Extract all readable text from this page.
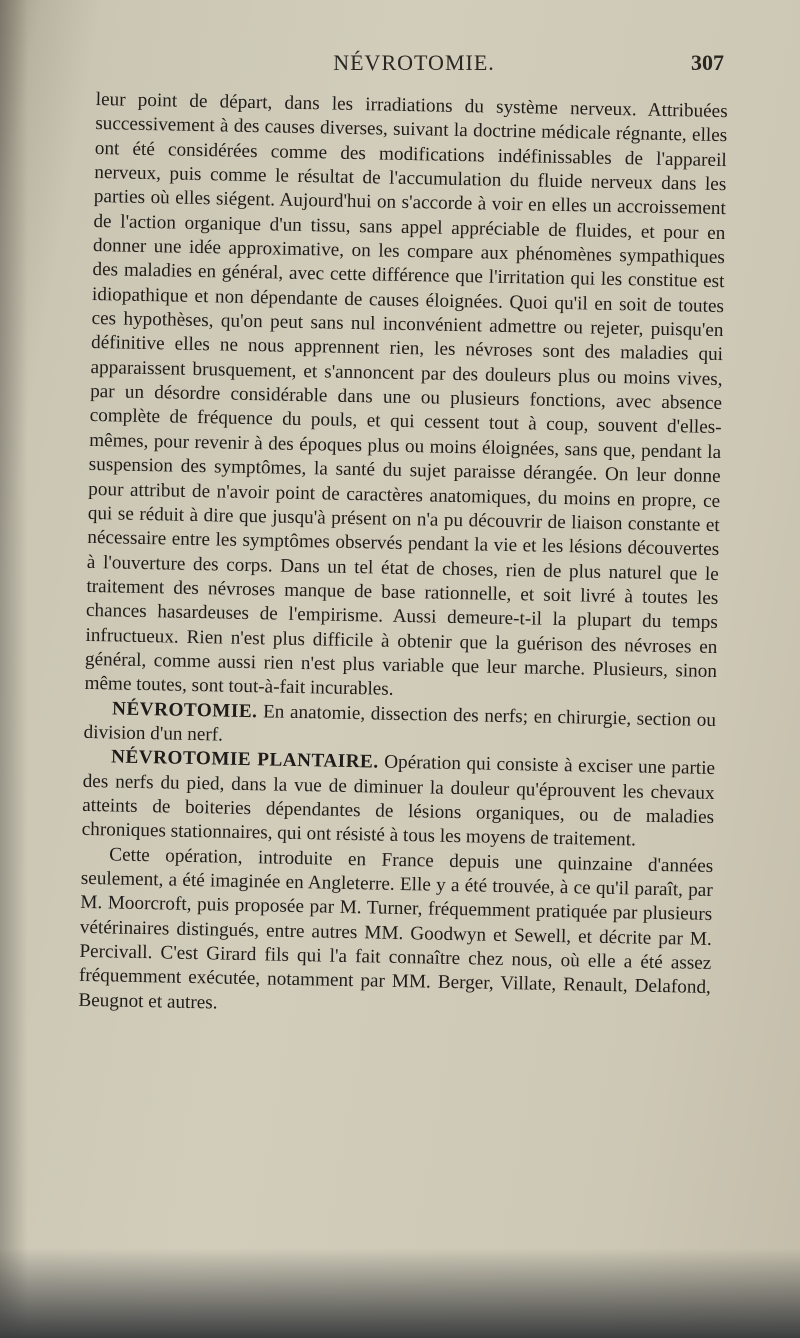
NÉVROTOMIE.	307

leur point de départ, dans les irradiations du système nerveux. Attribuées successivement à des causes diverses, suivant la doctrine médicale régnante, elles ont été considérées comme des modifications indéfinissables de l'appareil nerveux, puis comme le résultat de l'accumulation du fluide nerveux dans les parties où elles siégent. Aujourd'hui on s'accorde à voir en elles un accroissement de l'action organique d'un tissu, sans appel appréciable de fluides, et pour en donner une idée approximative, on les compare aux phénomènes sympathiques des maladies en général, avec cette différence que l'irritation qui les constitue est idiopathique et non dépendante de causes éloignées. Quoi qu'il en soit de toutes ces hypothèses, qu'on peut sans nul inconvénient admettre ou rejeter, puisqu'en définitive elles ne nous apprennent rien, les névroses sont des maladies qui apparaissent brusquement, et s'annoncent par des douleurs plus ou moins vives, par un désordre considérable dans une ou plusieurs fonctions, avec absence complète de fréquence du pouls, et qui cessent tout à coup, souvent d'elles-mêmes, pour revenir à des époques plus ou moins éloignées, sans que, pendant la suspension des symptômes, la santé du sujet paraisse dérangée. On leur donne pour attribut de n'avoir point de caractères anatomiques, du moins en propre, ce qui se réduit à dire que jusqu'à présent on n'a pu découvrir de liaison constante et nécessaire entre les symptômes observés pendant la vie et les lésions découvertes à l'ouverture des corps. Dans un tel état de choses, rien de plus naturel que le traitement des névroses manque de base rationnelle, et soit livré à toutes les chances hasardeuses de l'empirisme. Aussi demeure-t-il la plupart du temps infructueux. Rien n'est plus difficile à obtenir que la guérison des névroses en général, comme aussi rien n'est plus variable que leur marche. Plusieurs, sinon même toutes, sont tout-à-fait incurables.

NÉVROTOMIE. En anatomie, dissection des nerfs; en chirurgie, section ou division d'un nerf.

NÉVROTOMIE PLANTAIRE. Opération qui consiste à exciser une partie des nerfs du pied, dans la vue de diminuer la douleur qu'éprouvent les chevaux atteints de boiteries dépendantes de lésions organiques, ou de maladies chroniques stationnaires, qui ont résisté à tous les moyens de traitement.

Cette opération, introduite en France depuis une quinzaine d'années seulement, a été imaginée en Angleterre. Elle y a été trouvée, à ce qu'il paraît, par M. Moorcroft, puis proposée par M. Turner, fréquemment pratiquée par plusieurs vétérinaires distingués, entre autres MM. Goodwyn et Sewell, et décrite par M. Percivall. C'est Girard fils qui l'a fait connaître chez nous, où elle a été assez fréquemment exécutée, notamment par MM. Berger, Villate, Renault, Delafond, Beugnot et autres.
